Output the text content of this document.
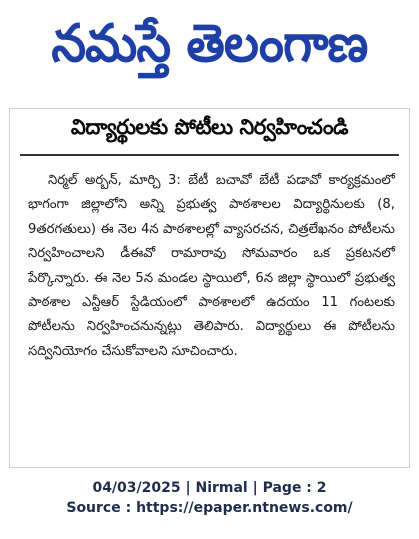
నమస్తే తెలంగాణ
విద్యార్థులకు పోటీలు నిర్వహించండి
నిర్మల్ అర్బన్, మార్చి 3: బేటీ బచావో బేటీ పడావో కార్యక్రమంలో భాగంగా జిల్లాలోని అన్ని ప్రభుత్వ పాఠశాలల విద్యార్థినులకు (8, 9తరగతులు) ఈ నెల 4న పాఠశాలల్లో వ్యాసరచన, చిత్రలేఖనం పోటీలను నిర్వహించాలని డీఈవో రామారావు సోమవారం ఒక ప్రకటనలో పేర్కొన్నారు. ఈ నెల 5న మండల స్థాయిలో, 6న జిల్లా స్థాయిలో ప్రభుత్వ పాఠశాల ఎన్టీఆర్ స్టేడియంలో పాఠశాలలో ఉదయం 11 గంటలకు పోటీలను నిర్వహించనున్నట్లు తెలిపారు. విద్యార్థులు ఈ పోటీలను సద్వినియోగం చేసుకోవాలని సూచించారు.
04/03/2025 | Nirmal | Page : 2
Source : https://epaper.ntnews.com/
